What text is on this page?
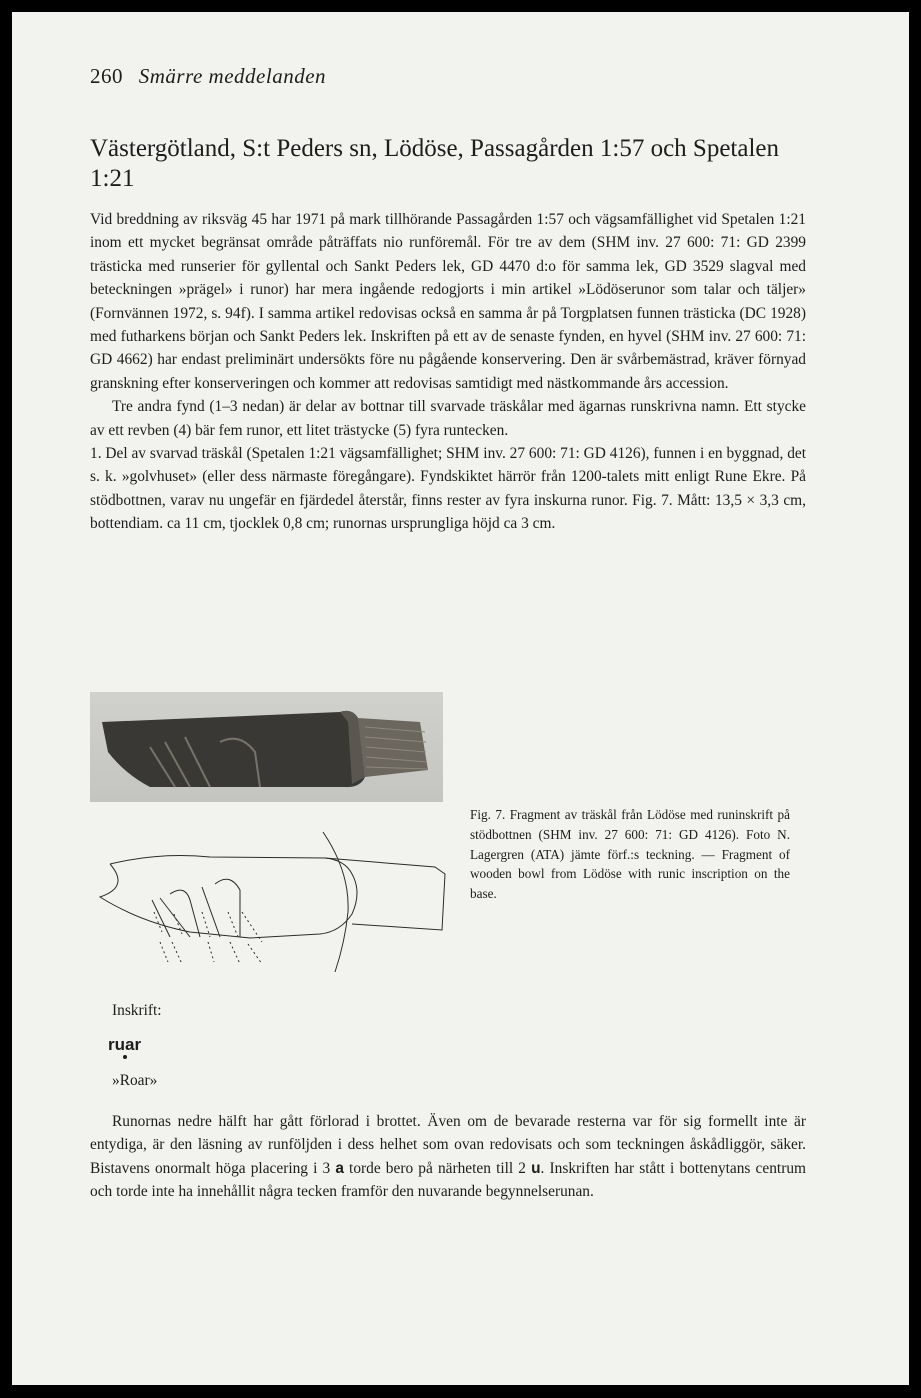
260 Smärre meddelanden
Västergötland, S:t Peders sn, Lödöse, Passagården 1:57 och Spetalen 1:21

Vid breddning av riksväg 45 har 1971 på mark tillhörande Passagården 1:57 och vägsamfällighet vid Spetalen 1:21 inom ett mycket begränsat område påträffats nio runföremål. För tre av dem (SHM inv. 27 600: 71: GD 2399 trästicka med runserier för gyllental och Sankt Peders lek, GD 4470 d:o för samma lek, GD 3529 slagval med beteckningen »prägel» i runor) har mera ingående redogjorts i min artikel »Lödöserunor som talar och täljer» (Fornvännen 1972, s. 94f). I samma artikel redovisas också en samma år på Torgplatsen funnen trästicka (DC 1928) med futharkens början och Sankt Peders lek. Inskriften på ett av de senaste fynden, en hyvel (SHM inv. 27 600: 71: GD 4662) har endast preliminärt undersökts före nu pågående konservering. Den är svårbemästrad, kräver förnyad granskning efter konserveringen och kommer att redovisas samtidigt med nästkommande års accession.

Tre andra fynd (1–3 nedan) är delar av bottnar till svarvade träskålar med ägarnas runskrivna namn. Ett stycke av ett revben (4) bär fem runor, ett litet trästycke (5) fyra runtecken.

1. Del av svarvad träskål (Spetalen 1:21 vägsamfällighet; SHM inv. 27 600: 71: GD 4126), funnen i en byggnad, det s. k. »golvhuset» (eller dess närmaste föregångare). Fyndskiktet härrör från 1200-talets mitt enligt Rune Ekre. På stödbottnen, varav nu ungefär en fjärdedel återstår, finns rester av fyra inskurna runor. Fig. 7. Mått: 13,5 × 3,3 cm, bottendiam. ca 11 cm, tjocklek 0,8 cm; runornas ursprungliga höjd ca 3 cm.

Fig. 7. Fragment av träskål från Lödöse med runinskrift på stödbottnen (SHM inv. 27 600: 71: GD 4126). Foto N. Lagergren (ATA) jämte förf.:s teckning. — Fragment of wooden bowl from Lödöse with runic inscription on the base.

Inskrift:
ruar
»Roar»

Runornas nedre hälft har gått förlorad i brottet. Även om de bevarade resterna var för sig formellt inte är entydiga, är den läsning av runföljden i dess helhet som ovan redovisats och som teckningen åskådliggör, säker. Bistavens onormalt höga placering i 3 a torde bero på närheten till 2 u. Inskriften har stått i bottenytans centrum och torde inte ha innehållit några tecken framför den nuvarande begynnelserunan.
